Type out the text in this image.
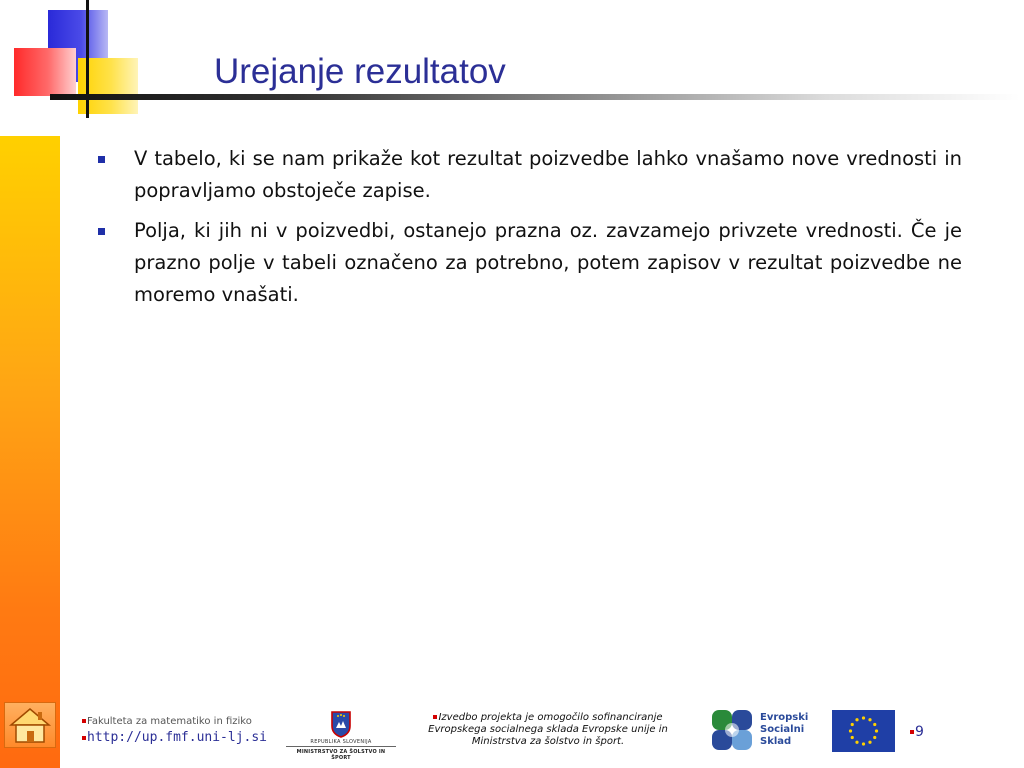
Urejanje rezultatov

V tabelo, ki se nam prikaže kot rezultat poizvedbe lahko vnašamo nove vrednosti in popravljamo obstoječe zapise.

Polja, ki jih ni v poizvedbi, ostanejo prazna oz. zavzamejo privzete vrednosti. Če je prazno polje v tabeli označeno za potrebno, potem zapisov v rezultat poizvedbe ne moremo vnašati.

Fakulteta za matematiko in fiziko
http://up.fmf.uni-lj.si	REPUBLIKA SLOVENIJA
MINISTRSTVO ZA ŠOLSTVO IN ŠPORT
Izvedbo projekta je omogočilo sofinanciranje Evropskega socialnega sklada Evropske unije in Ministrstva za šolstvo in šport.
Evropski
Socialni
Sklad
9
